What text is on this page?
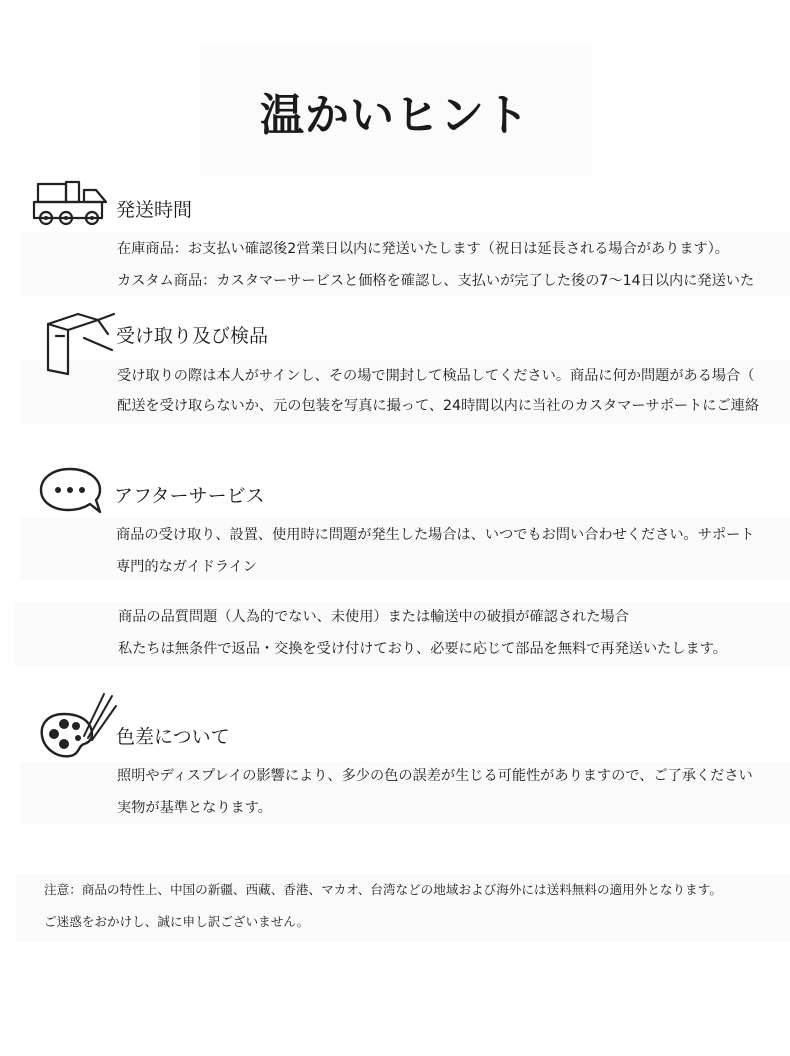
温かいヒント
発送時間
在庫商品：お支払い確認後2営業日以内に発送いたします（祝日は延長される場合があります）。
カスタム商品：カスタマーサービスと価格を確認し、支払いが完了した後の7〜14日以内に発送いた
受け取り及び検品
受け取りの際は本人がサインし、その場で開封して検品してください。商品に何か問題がある場合（
配送を受け取らないか、元の包装を写真に撮って、24時間以内に当社のカスタマーサポートにご連絡
アフターサービス
商品の受け取り、設置、使用時に問題が発生した場合は、いつでもお問い合わせください。サポート
専門的なガイドライン
商品の品質問題（人為的でない、未使用）または輸送中の破損が確認された場合
私たちは無条件で返品・交換を受け付けており、必要に応じて部品を無料で再発送いたします。
色差について
照明やディスプレイの影響により、多少の色の誤差が生じる可能性がありますので、ご了承ください
実物が基準となります。
注意：商品の特性上、中国の新疆、西藏、香港、マカオ、台湾などの地域および海外には送料無料の適用外となります。
ご迷惑をおかけし、誠に申し訳ございません。
